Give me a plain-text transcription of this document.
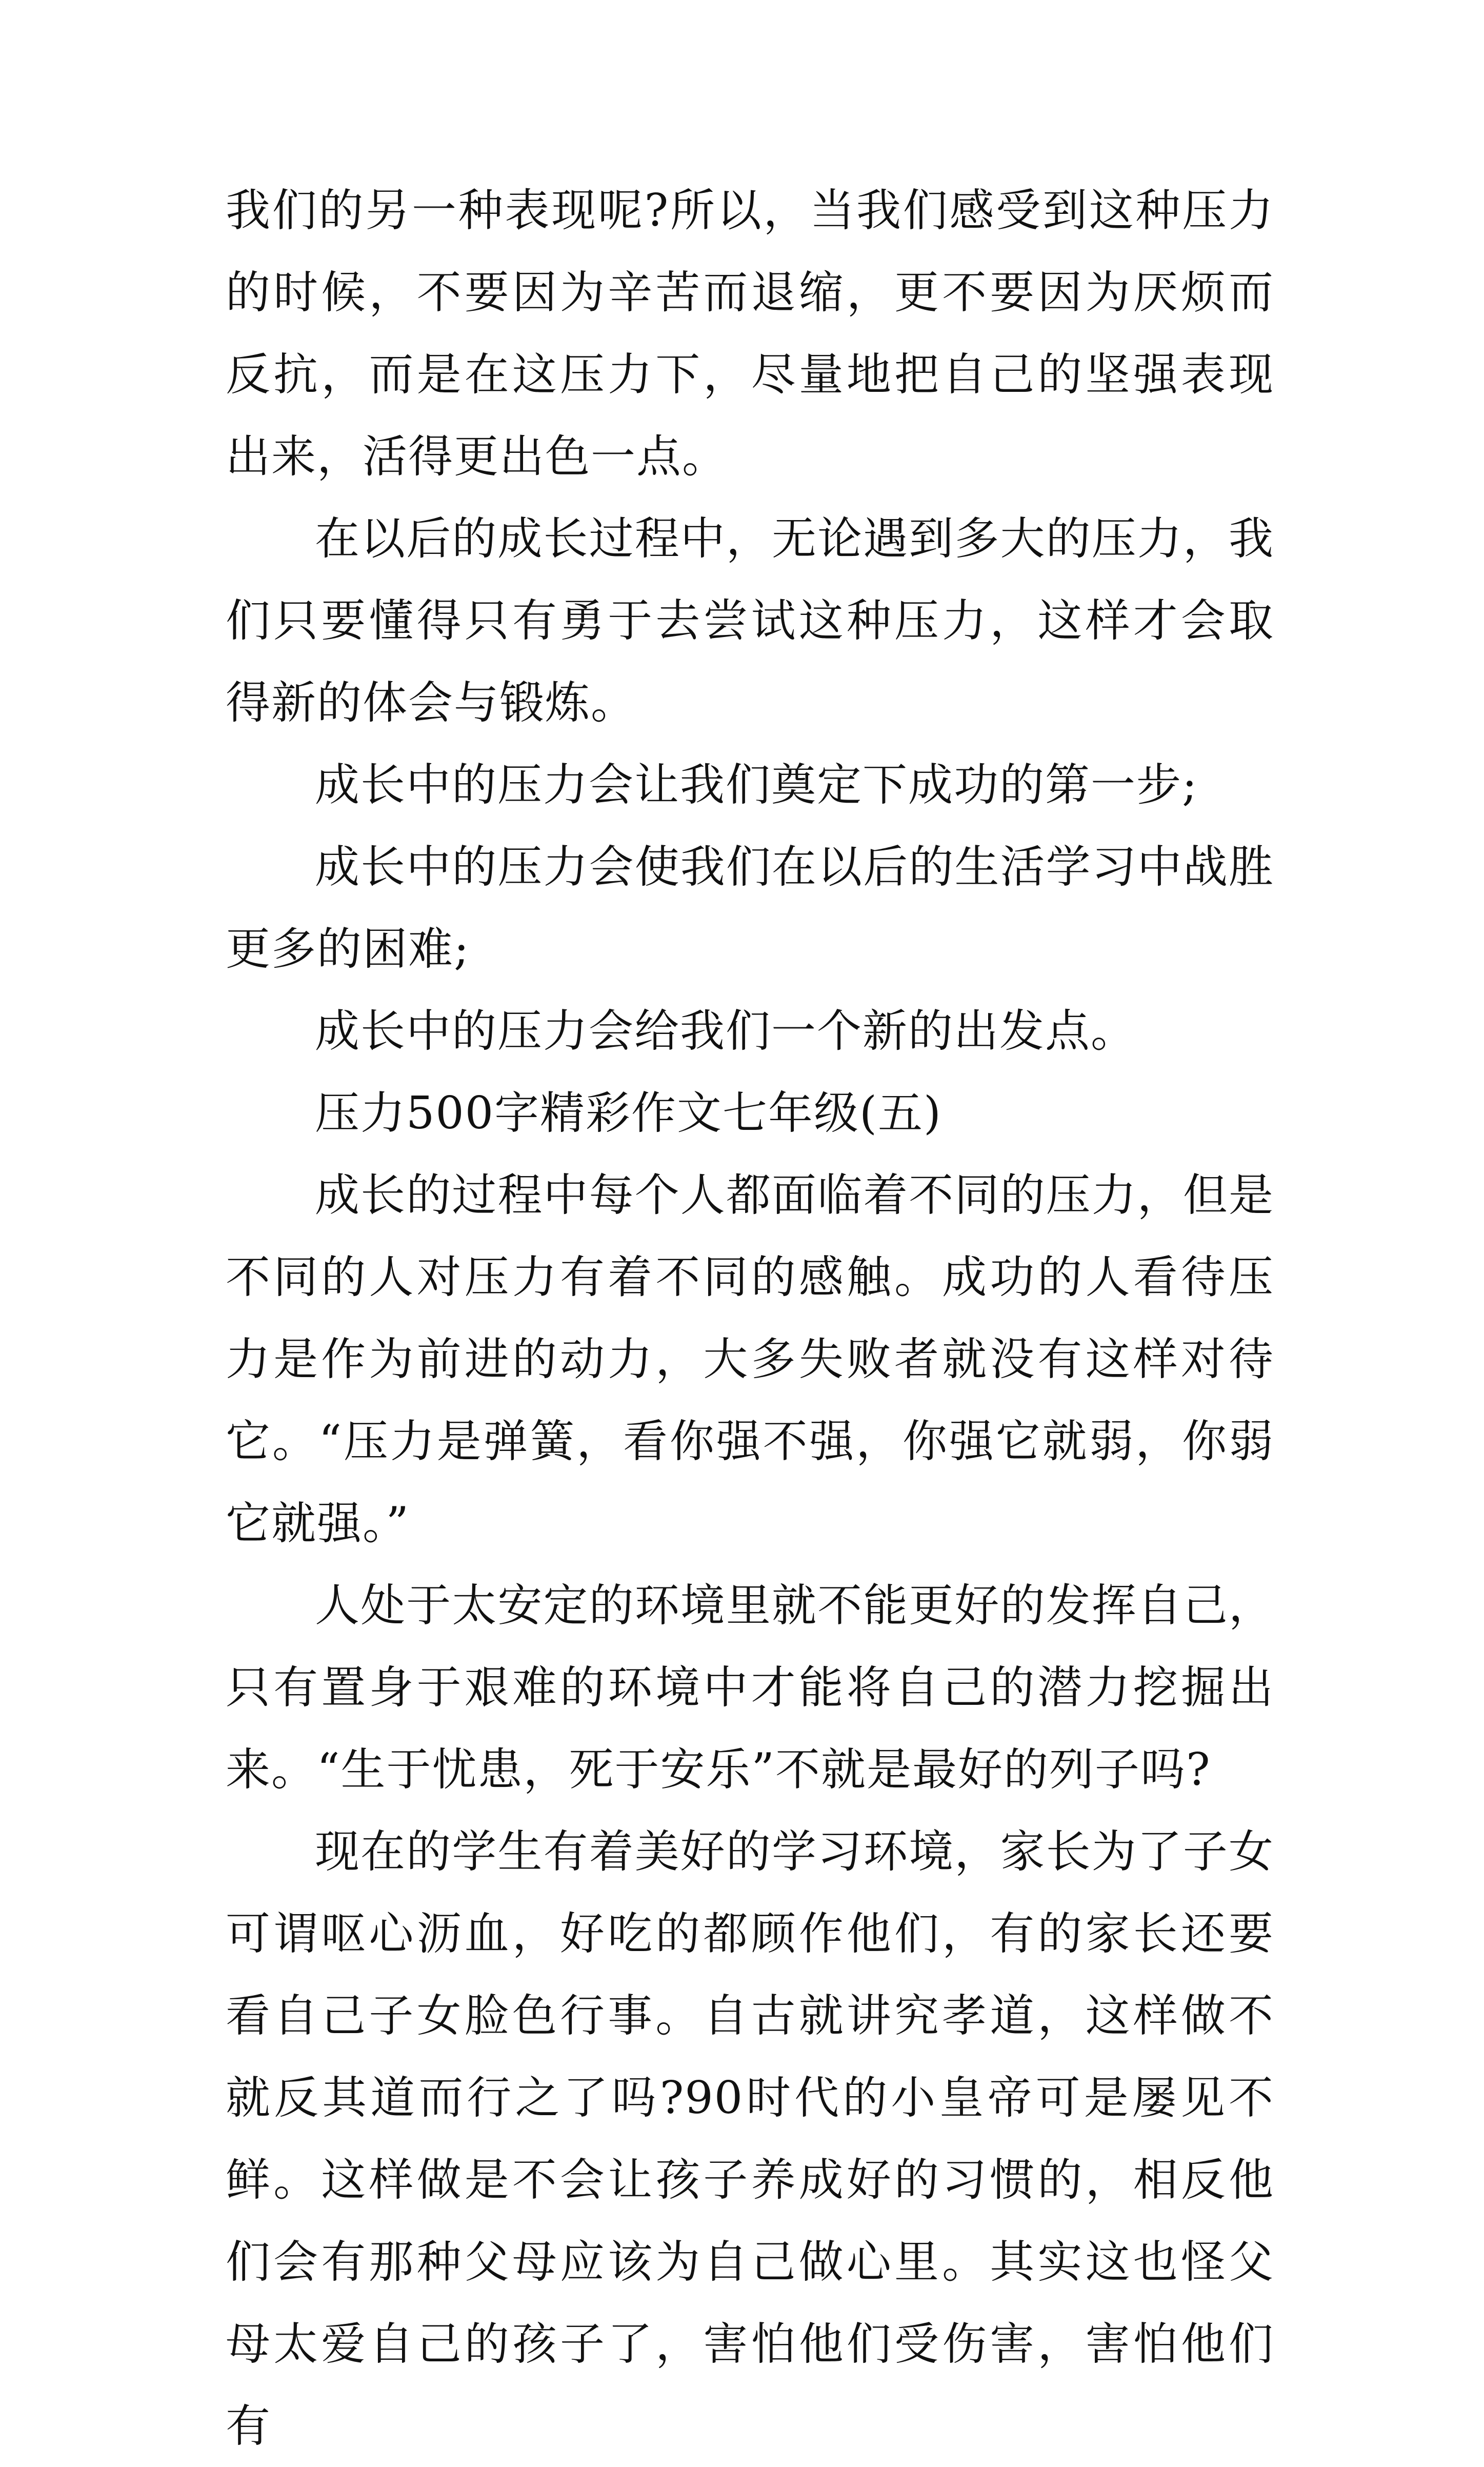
我们的另一种表现呢?所以，当我们感受到这种压力的时候，不要因为辛苦而退缩，更不要因为厌烦而反抗，而是在这压力下，尽量地把自己的坚强表现出来，活得更出色一点。

在以后的成长过程中，无论遇到多大的压力，我们只要懂得只有勇于去尝试这种压力，这样才会取得新的体会与锻炼。

成长中的压力会让我们奠定下成功的第一步;

成长中的压力会使我们在以后的生活学习中战胜更多的困难;

成长中的压力会给我们一个新的出发点。

压力500字精彩作文七年级(五)

成长的过程中每个人都面临着不同的压力，但是不同的人对压力有着不同的感触。成功的人看待压力是作为前进的动力，大多失败者就没有这样对待它。“压力是弹簧，看你强不强，你强它就弱，你弱它就强。”

人处于太安定的环境里就不能更好的发挥自己，只有置身于艰难的环境中才能将自己的潜力挖掘出来。“生于忧患，死于安乐”不就是最好的列子吗?

现在的学生有着美好的学习环境，家长为了子女可谓呕心沥血，好吃的都顾作他们，有的家长还要看自己子女脸色行事。自古就讲究孝道，这样做不就反其道而行之了吗?90时代的小皇帝可是屡见不鲜。这样做是不会让孩子养成好的习惯的，相反他们会有那种父母应该为自己做心里。其实这也怪父母太爱自己的孩子了，害怕他们受伤害，害怕他们有
